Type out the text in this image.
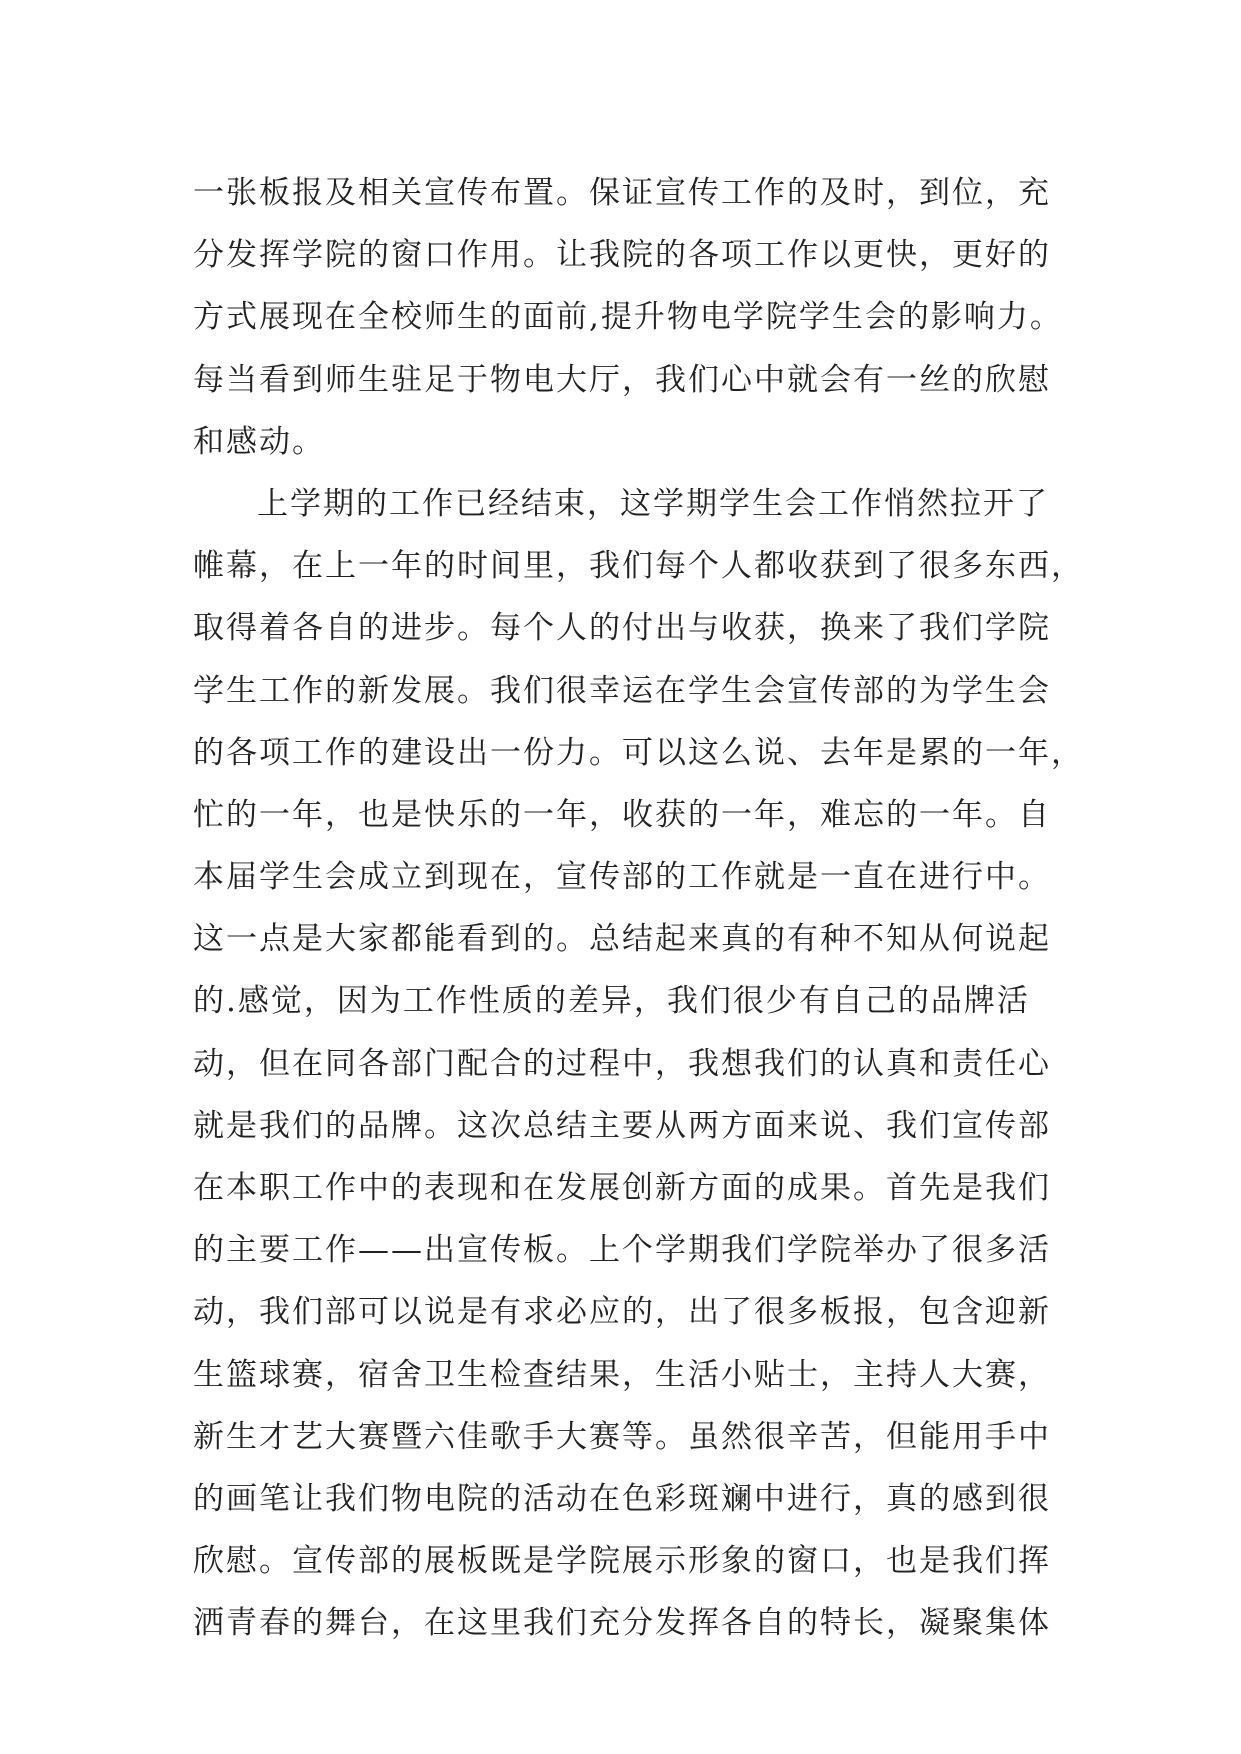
一张板报及相关宣传布置。保证宣传工作的及时，到位，充
分发挥学院的窗口作用。让我院的各项工作以更快，更好的
方式展现在全校师生的面前,提升物电学院学生会的影响力。
每当看到师生驻足于物电大厅，我们心中就会有一丝的欣慰
和感动。
上学期的工作已经结束，这学期学生会工作悄然拉开了
帷幕，在上一年的时间里，我们每个人都收获到了很多东西，
取得着各自的进步。每个人的付出与收获，换来了我们学院
学生工作的新发展。我们很幸运在学生会宣传部的为学生会
的各项工作的建设出一份力。可以这么说、去年是累的一年，
忙的一年，也是快乐的一年，收获的一年，难忘的一年。自
本届学生会成立到现在，宣传部的工作就是一直在进行中。
这一点是大家都能看到的。总结起来真的有种不知从何说起
的.感觉，因为工作性质的差异，我们很少有自己的品牌活
动，但在同各部门配合的过程中，我想我们的认真和责任心
就是我们的品牌。这次总结主要从两方面来说、我们宣传部
在本职工作中的表现和在发展创新方面的成果。首先是我们
的主要工作——出宣传板。上个学期我们学院举办了很多活
动，我们部可以说是有求必应的，出了很多板报，包含迎新
生篮球赛，宿舍卫生检查结果，生活小贴士，主持人大赛，
新生才艺大赛暨六佳歌手大赛等。虽然很辛苦，但能用手中
的画笔让我们物电院的活动在色彩斑斓中进行，真的感到很
欣慰。宣传部的展板既是学院展示形象的窗口，也是我们挥
洒青春的舞台，在这里我们充分发挥各自的特长，凝聚集体
